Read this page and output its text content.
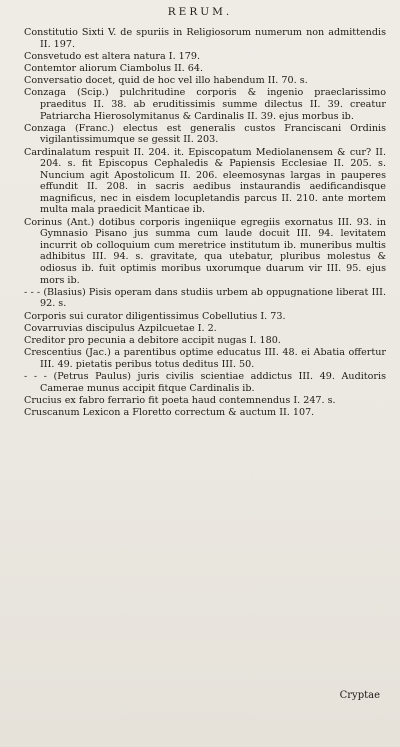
RERUM.
Constitutio Sixti V. de spuriis in Religiosorum numerum non admittendis II. 197.
Consvetudo est altera natura I. 179.
Contemtor aliorum Ciambolus II. 64.
Conversatio docet, quid de hoc vel illo habendum II. 70. s.
Conzaga (Scip.) pulchritudine corporis & ingenio praeclarissimo praeditus II. 38. ab eruditissimis summe dilectus II. 39. creatur Patriarcha Hierosolymitanus & Cardinalis II. 39. ejus morbus ib.
Conzaga (Franc.) electus est generalis custos Franciscani Ordinis vigilantissimumque se gessit II. 203.
Cardinalatum respuit II. 204. it. Episcopatum Mediolanensem & cur? II. 204. s. fit Episcopus Cephaledis & Papiensis Ecclesiae II. 205. s. Nuncium agit Apostolicum II. 206. eleemosynas largas in pauperes effundit II. 208. in sacris aedibus instaurandis aedificandisque magnificus, nec in eisdem locupletandis parcus II. 210. ante mortem multa mala praedicit Manticae ib.
Corinus (Ant.) dotibus corporis ingeniique egregiis exornatus III. 93. in Gymnasio Pisano jus summa cum laude docuit III. 94. levitatem incurrit ob colloquium cum meretrice institutum ib. muneribus multis adhibitus III. 94. s. gravitate, qua utebatur, pluribus molestus & odiosus ib. fuit optimis moribus uxorumque duarum vir III. 95. ejus mors ib.
- - - (Blasius) Pisis operam dans studiis urbem ab oppugnatione liberat III. 92. s.
Corporis sui curator diligentissimus Cobellutius I. 73.
Covarruvias discipulus Azpilcuetae I. 2.
Creditor pro pecunia a debitore accipit nugas I. 180.
Crescentius (Jac.) a parentibus optime educatus III. 48. ei Abatia offertur III. 49. pietatis peribus totus deditus III. 50.
- - - (Petrus Paulus) juris civilis scientiae addictus III. 49. Auditoris Camerae munus accipit fitque Cardinalis ib.
Crucius ex fabro ferrario fit poeta haud contemnendus I. 247. s.
Cruscanum Lexicon a Floretto correctum & auctum II. 107.
Cryptae
